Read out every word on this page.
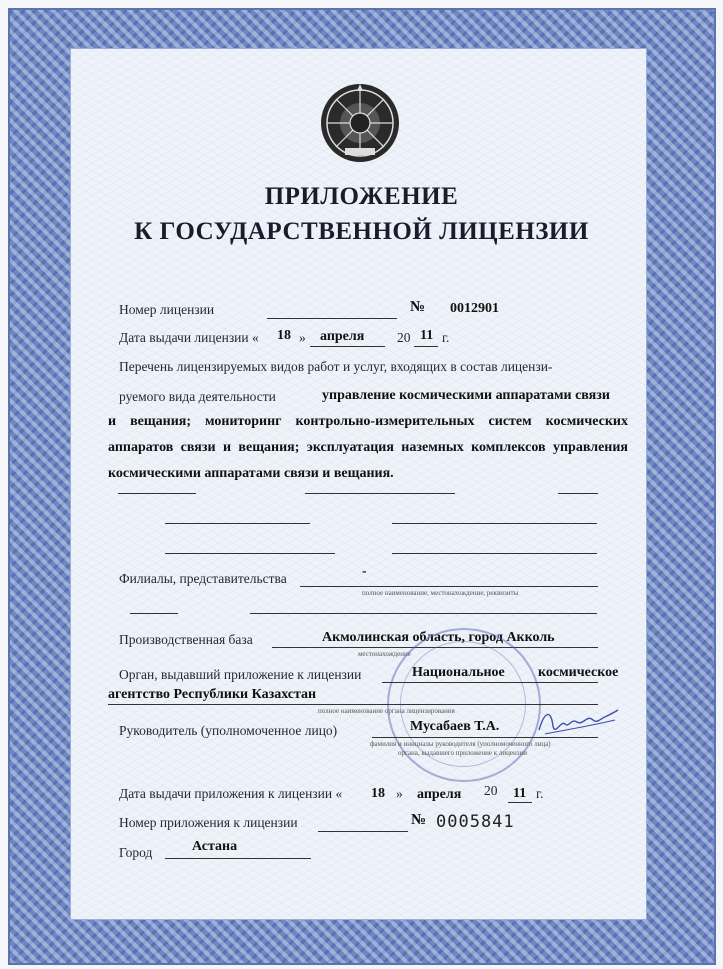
ПРИЛОЖЕНИЕ
К ГОСУДАРСТВЕННОЙ ЛИЦЕНЗИИ
Номер лицензии	№ 0012901
Дата выдачи лицензии « 18 » апреля 20 11 г.
Перечень лицензируемых видов работ и услуг, входящих в состав лицензи-
руемого вида деятельности	управление космическими аппаратами связи
и вещания; мониторинг контрольно-измерительных систем космических
аппаратов связи и вещания; эксплуатация наземных комплексов управления
космическими аппаратами связи и вещания.
Филиалы, представительства
-
полное наименование, местонахождение, реквизиты
Производственная база	Акмолинская область, город Акколь
местонахождение
Орган, выдавший приложение к лицензии	Национальное космическое
агентство Республики Казахстан
полное наименование органа лицензирования
Руководитель (уполномоченное лицо)	Мусабаев Т.А.
фамилия и инициалы руководителя (уполномоченного лица)
органа, выдавшего приложение к лицензии
Дата выдачи приложения к лицензии « 18 » апреля 20 11 г.
Номер приложения к лицензии	№ 0005841
Город	Астана
